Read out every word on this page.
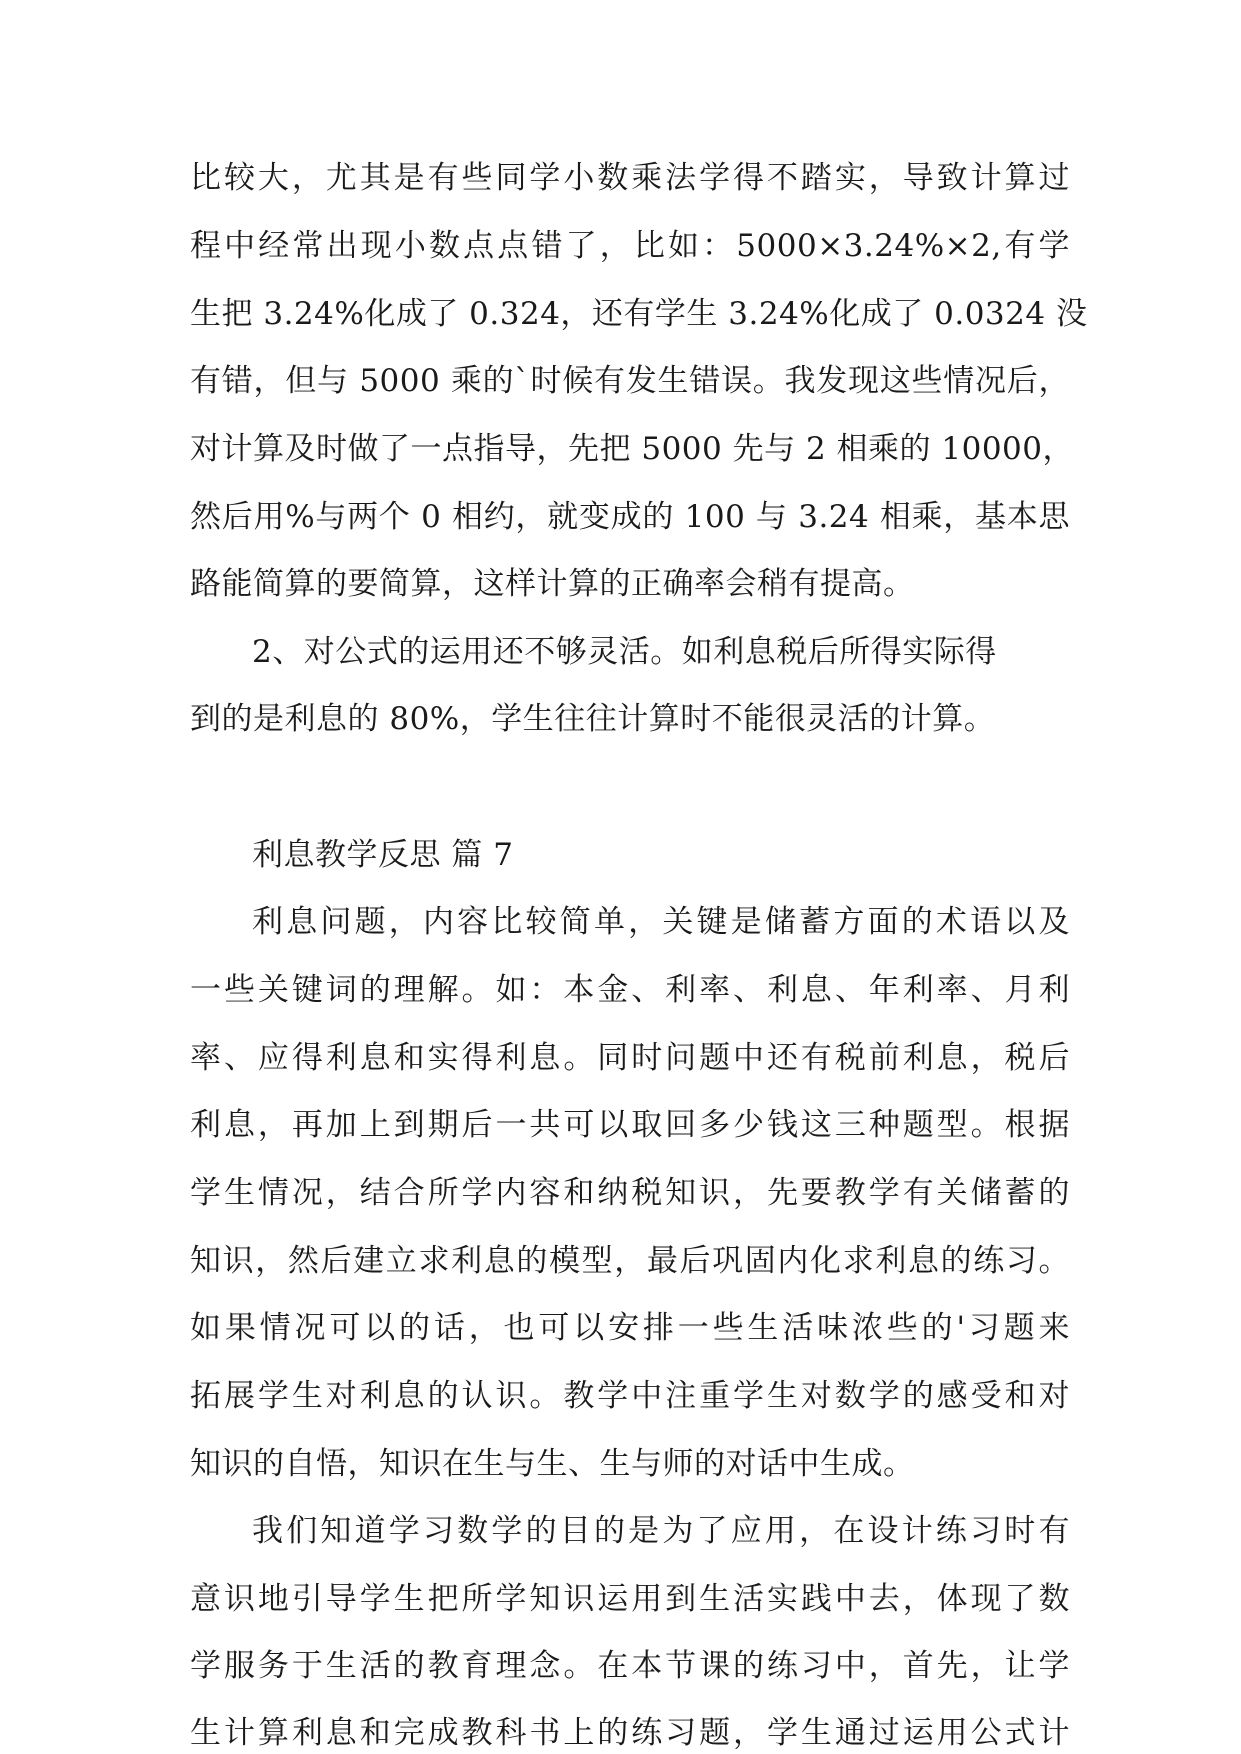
比较大，尤其是有些同学小数乘法学得不踏实，导致计算过
程中经常出现小数点点错了，比如：5000×3.24%×2,有学
生把 3.24%化成了 0.324，还有学生 3.24%化成了 0.0324 没
有错，但与 5000 乘的`时候有发生错误。我发现这些情况后，
对计算及时做了一点指导，先把 5000 先与 2 相乘的 10000，
然后用%与两个 0 相约，就变成的 100 与 3.24 相乘，基本思
路能简算的要简算，这样计算的正确率会稍有提高。
2、对公式的运用还不够灵活。如利息税后所得实际得
到的是利息的 80%，学生往往计算时不能很灵活的计算。
利息教学反思 篇 7
利息问题，内容比较简单，关键是储蓄方面的术语以及
一些关键词的理解。如：本金、利率、利息、年利率、月利
率、应得利息和实得利息。同时问题中还有税前利息，税后
利息，再加上到期后一共可以取回多少钱这三种题型。根据
学生情况，结合所学内容和纳税知识，先要教学有关储蓄的
知识，然后建立求利息的模型，最后巩固内化求利息的练习。
如果情况可以的话，也可以安排一些生活味浓些的'习题来
拓展学生对利息的认识。教学中注重学生对数学的感受和对
知识的自悟，知识在生与生、生与师的对话中生成。
我们知道学习数学的目的是为了应用，在设计练习时有
意识地引导学生把所学知识运用到生活实践中去，体现了数
学服务于生活的教育理念。在本节课的练习中，首先，让学
生计算利息和完成教科书上的练习题，学生通过运用公式计
